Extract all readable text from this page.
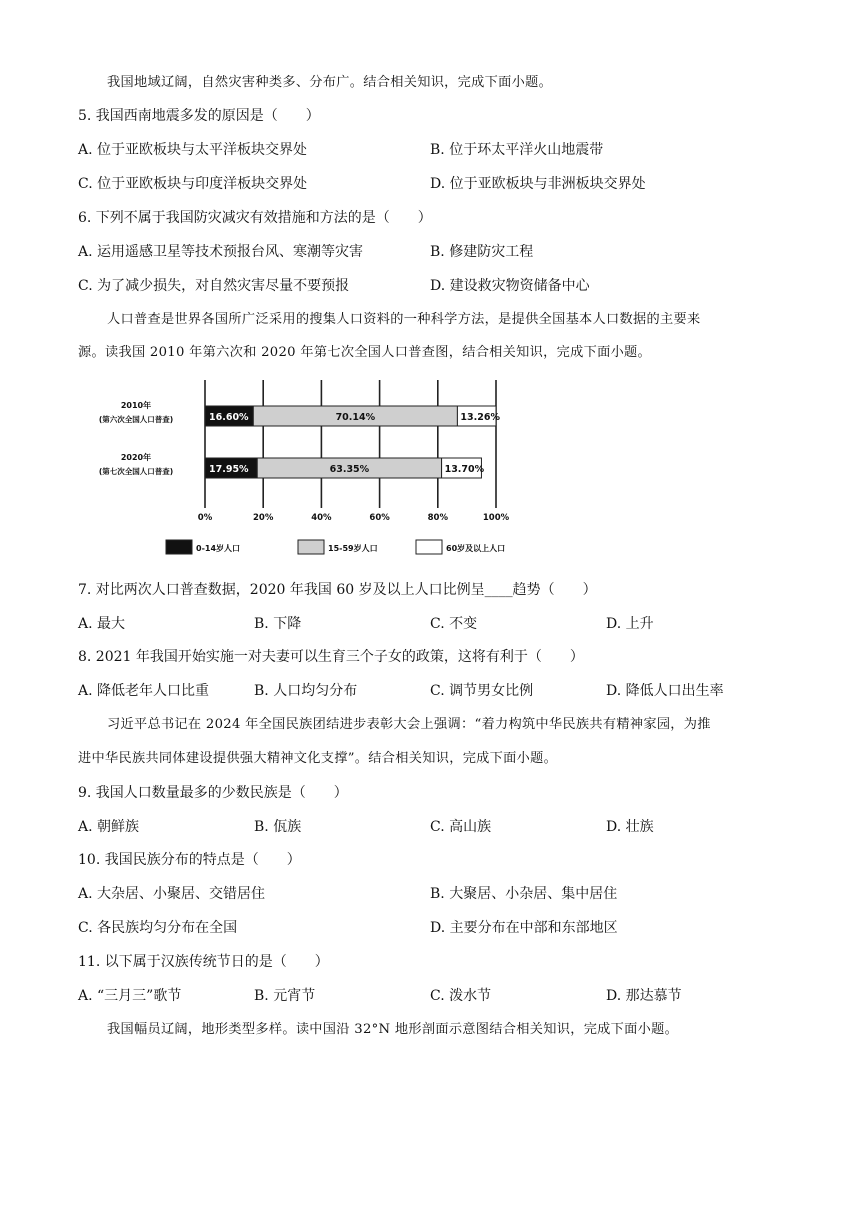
我国地域辽阔，自然灾害种类多、分布广。结合相关知识，完成下面小题。
5. 我国西南地震多发的原因是（　　）
A. 位于亚欧板块与太平洋板块交界处	B. 位于环太平洋火山地震带
C. 位于亚欧板块与印度洋板块交界处	D. 位于亚欧板块与非洲板块交界处
6. 下列不属于我国防灾减灾有效措施和方法的是（　　）
A. 运用遥感卫星等技术预报台风、寒潮等灾害	B. 修建防灾工程
C. 为了减少损失，对自然灾害尽量不要预报	D. 建设救灾物资储备中心
人口普查是世界各国所广泛采用的搜集人口资料的一种科学方法，是提供全国基本人口数据的主要来
源。读我国 2010 年第六次和 2020 年第七次全国人口普查图，结合相关知识，完成下面小题。
16.60%	70.14%	13.26%
17.95%	63.35%	13.70%
2010年
(第六次全国人口普查)
2020年
(第七次全国人口普查)
0%	20%	40%	60%	80%	100%
0-14岁人口	15-59岁人口	60岁及以上人口
7. 对比两次人口普查数据，2020 年我国 60 岁及以上人口比例呈____趋势（　　）
A. 最大	B. 下降	C. 不变	D. 上升
8. 2021 年我国开始实施一对夫妻可以生育三个子女的政策，这将有利于（　　）
A. 降低老年人口比重	B. 人口均匀分布	C. 调节男女比例	D. 降低人口出生率
习近平总书记在 2024 年全国民族团结进步表彰大会上强调：“着力构筑中华民族共有精神家园，为推
进中华民族共同体建设提供强大精神文化支撑”。结合相关知识，完成下面小题。
9. 我国人口数量最多的少数民族是（　　）
A. 朝鲜族	B. 佤族	C. 高山族	D. 壮族
10. 我国民族分布的特点是（　　）
A. 大杂居、小聚居、交错居住	B. 大聚居、小杂居、集中居住
C. 各民族均匀分布在全国	D. 主要分布在中部和东部地区
11. 以下属于汉族传统节日的是（　　）
A. “三月三”歌节	B. 元宵节	C. 泼水节	D. 那达慕节
我国幅员辽阔，地形类型多样。读中国沿 32°N 地形剖面示意图结合相关知识，完成下面小题。
